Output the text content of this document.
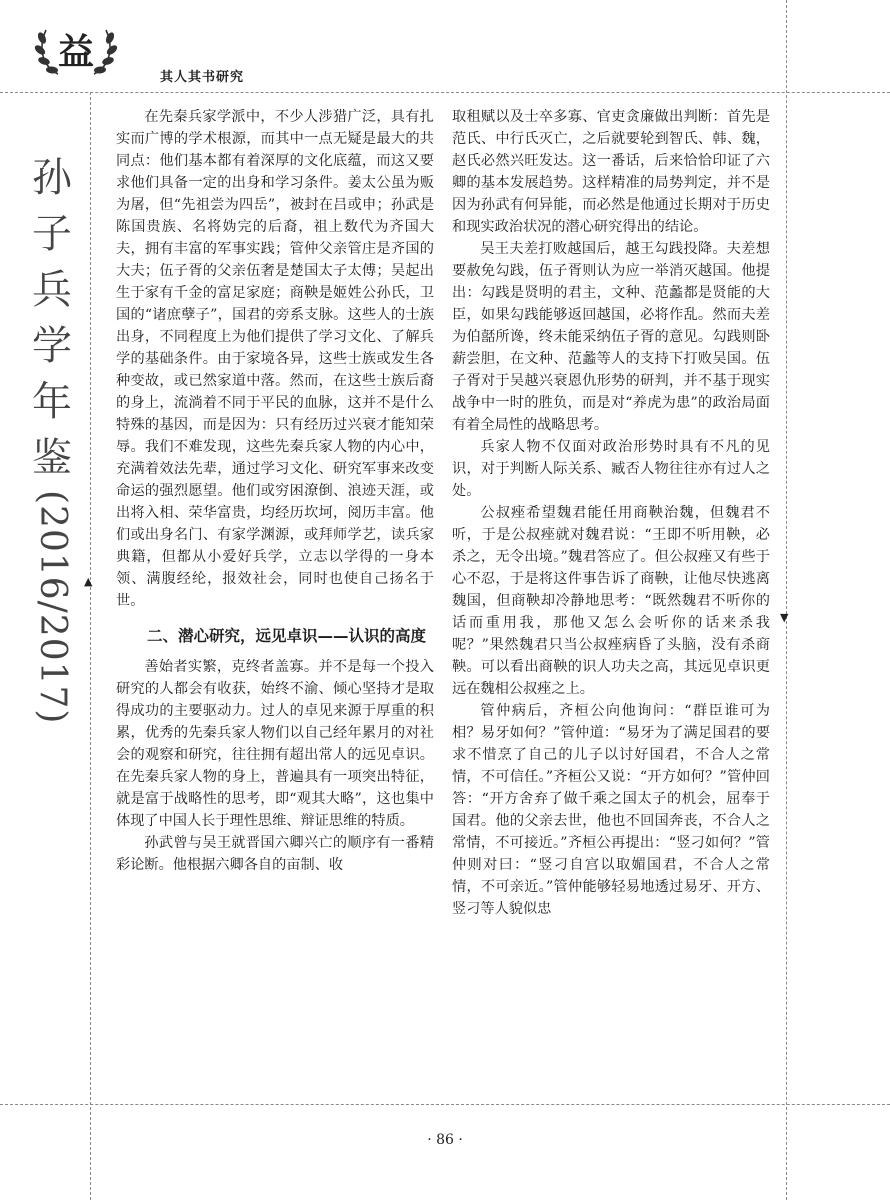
益

其人其书研究

孙
子
兵
学
年
鉴
(2016/2017)	▲
▼

在先秦兵家学派中，不少人涉猎广泛，具有扎实而广博的学术根源，而其中一点无疑是最大的共同点：他们基本都有着深厚的文化底蕴，而这又要求他们具备一定的出身和学习条件。姜太公虽为贩为屠，但“先祖尝为四岳”，被封在吕或申；孙武是陈国贵族、名将妫完的后裔，祖上数代为齐国大夫，拥有丰富的军事实践；管仲父亲管庄是齐国的大夫；伍子胥的父亲伍奢是楚国太子太傅；吴起出生于家有千金的富足家庭；商鞅是姬姓公孙氏，卫国的“诸庶孽子”，国君的旁系支脉。这些人的士族出身，不同程度上为他们提供了学习文化、了解兵学的基础条件。由于家境各异，这些士族或发生各种变故，或已然家道中落。然而，在这些士族后裔的身上，流淌着不同于平民的血脉，这并不是什么特殊的基因，而是因为：只有经历过兴衰才能知荣辱。我们不难发现，这些先秦兵家人物的内心中，充满着效法先辈，通过学习文化、研究军事来改变命运的强烈愿望。他们或穷困潦倒、浪迹天涯，或出将入相、荣华富贵，均经历坎坷，阅历丰富。他们或出身名门、有家学渊源，或拜师学艺，读兵家典籍，但都从小爱好兵学，立志以学得的一身本领、满腹经纶，报效社会，同时也使自己扬名于世。

二、潜心研究，远见卓识——认识的高度

善始者实繁，克终者盖寡。并不是每一个投入研究的人都会有收获，始终不渝、倾心坚持才是取得成功的主要驱动力。过人的卓见来源于厚重的积累，优秀的先秦兵家人物们以自己经年累月的对社会的观察和研究，往往拥有超出常人的远见卓识。在先秦兵家人物的身上，普遍具有一项突出特征，就是富于战略性的思考，即“观其大略”，这也集中体现了中国人长于理性思维、辩证思维的特质。

孙武曾与吴王就晋国六卿兴亡的顺序有一番精彩论断。他根据六卿各自的亩制、收

取租赋以及士卒多寡、官吏贪廉做出判断：首先是范氏、中行氏灭亡，之后就要轮到智氏、韩、魏，赵氏必然兴旺发达。这一番话，后来恰恰印证了六卿的基本发展趋势。这样精准的局势判定，并不是因为孙武有何异能，而必然是他通过长期对于历史和现实政治状况的潜心研究得出的结论。

吴王夫差打败越国后，越王勾践投降。夫差想要赦免勾践，伍子胥则认为应一举消灭越国。他提出：勾践是贤明的君主，文种、范蠡都是贤能的大臣，如果勾践能够返回越国，必将作乱。然而夫差为伯嚭所谗，终未能采纳伍子胥的意见。勾践则卧薪尝胆，在文种、范蠡等人的支持下打败吴国。伍子胥对于吴越兴衰恩仇形势的研判，并不基于现实战争中一时的胜负，而是对“养虎为患”的政治局面有着全局性的战略思考。

兵家人物不仅面对政治形势时具有不凡的见识，对于判断人际关系、臧否人物往往亦有过人之处。

公叔痤希望魏君能任用商鞅治魏，但魏君不听，于是公叔痤就对魏君说：“王即不听用鞅，必杀之，无令出境。”魏君答应了。但公叔痤又有些于心不忍，于是将这件事告诉了商鞅，让他尽快逃离魏国，但商鞅却冷静地思考：“既然魏君不听你的话而重用我，那他又怎么会听你的话来杀我呢？”果然魏君只当公叔痤病昏了头脑，没有杀商鞅。可以看出商鞅的识人功夫之高，其远见卓识更远在魏相公叔痤之上。

管仲病后，齐桓公向他询问：“群臣谁可为相？易牙如何？”管仲道：“易牙为了满足国君的要求不惜烹了自己的儿子以讨好国君，不合人之常情，不可信任。”齐桓公又说：“开方如何？”管仲回答：“开方舍弃了做千乘之国太子的机会，屈奉于国君。他的父亲去世，他也不回国奔丧，不合人之常情，不可接近。”齐桓公再提出：“竖刁如何？”管仲则对曰：“竖刁自宫以取媚国君，不合人之常情，不可亲近。”管仲能够轻易地透过易牙、开方、竖刁等人貌似忠

· 86 ·
